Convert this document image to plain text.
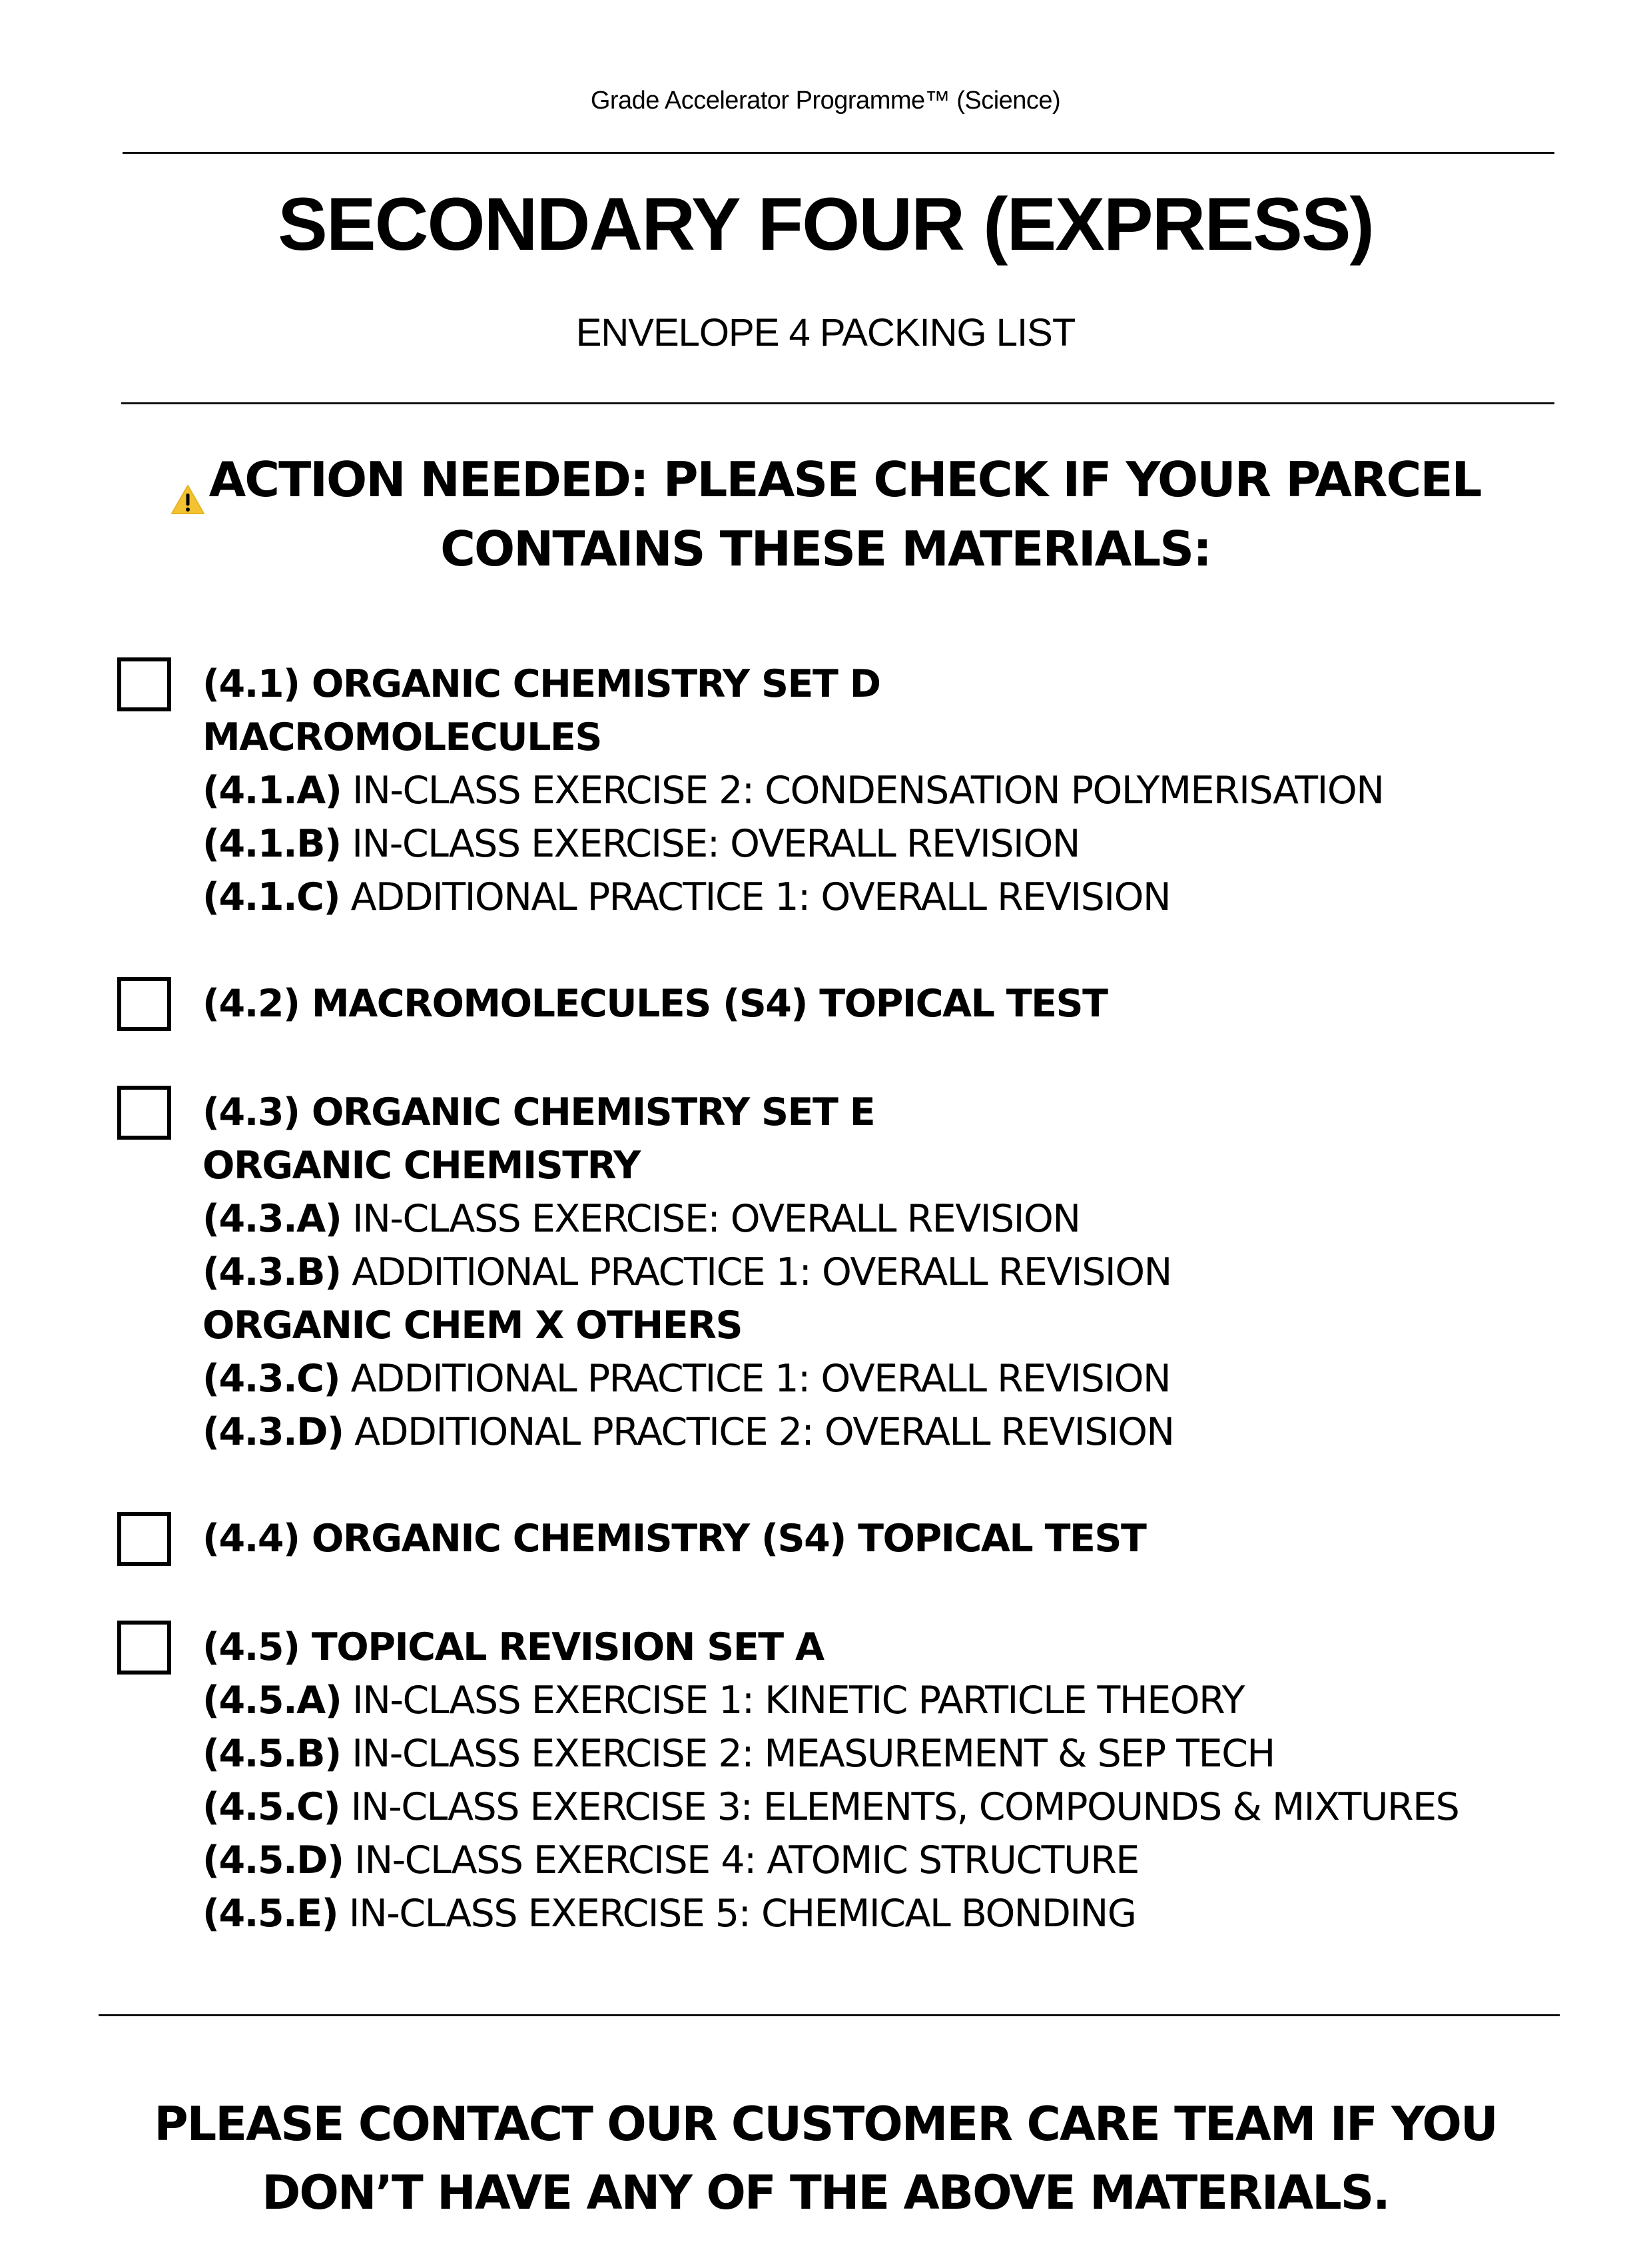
Grade Accelerator Programme™ (Science)
SECONDARY FOUR (EXPRESS)
ENVELOPE 4 PACKING LIST
ACTION NEEDED: PLEASE CHECK IF YOUR PARCEL
CONTAINS THESE MATERIALS:
(4.1) ORGANIC CHEMISTRY SET D
MACROMOLECULES
(4.1.A) IN-CLASS EXERCISE 2: CONDENSATION POLYMERISATION
(4.1.B) IN-CLASS EXERCISE: OVERALL REVISION
(4.1.C) ADDITIONAL PRACTICE 1: OVERALL REVISION
(4.2) MACROMOLECULES (S4) TOPICAL TEST
(4.3) ORGANIC CHEMISTRY SET E
ORGANIC CHEMISTRY
(4.3.A) IN-CLASS EXERCISE: OVERALL REVISION
(4.3.B) ADDITIONAL PRACTICE 1: OVERALL REVISION
ORGANIC CHEM X OTHERS
(4.3.C) ADDITIONAL PRACTICE 1: OVERALL REVISION
(4.3.D) ADDITIONAL PRACTICE 2: OVERALL REVISION
(4.4) ORGANIC CHEMISTRY (S4) TOPICAL TEST
(4.5) TOPICAL REVISION SET A
(4.5.A) IN-CLASS EXERCISE 1: KINETIC PARTICLE THEORY
(4.5.B) IN-CLASS EXERCISE 2: MEASUREMENT & SEP TECH
(4.5.C) IN-CLASS EXERCISE 3: ELEMENTS, COMPOUNDS & MIXTURES
(4.5.D) IN-CLASS EXERCISE 4: ATOMIC STRUCTURE
(4.5.E) IN-CLASS EXERCISE 5: CHEMICAL BONDING
PLEASE CONTACT OUR CUSTOMER CARE TEAM IF YOU
DON’T HAVE ANY OF THE ABOVE MATERIALS.
